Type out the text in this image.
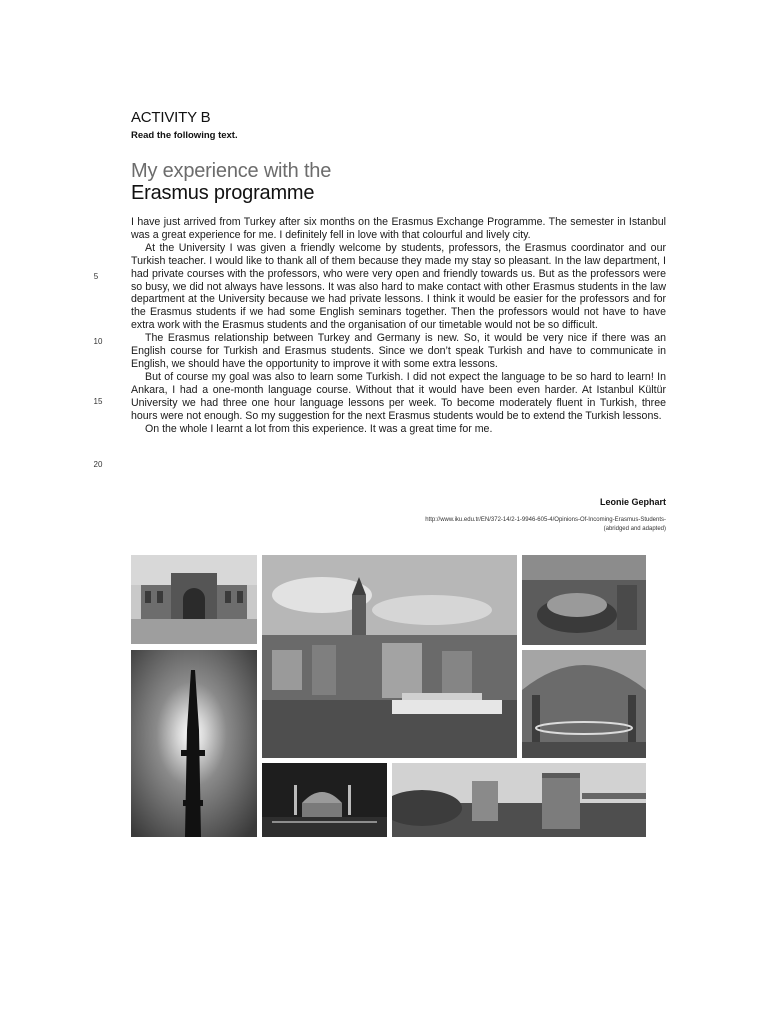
ACTIVITY B
Read the following text.
My experience with the
Erasmus programme

I have just arrived from Turkey after six months on the Erasmus Exchange Programme. The semester in Istanbul was a great experience for me. I definitely fell in love with that colourful and lively city.

At the University I was given a friendly welcome by students, professors, the Erasmus coordinator and our Turkish teacher. I would like to thank all of them because they made my stay so pleasant. In the law department, I had private courses with the professors, who were very open and friendly towards us. But as the professors were so busy, we did not always have lessons. It was also hard to make contact with other Erasmus students in the law department at the University because we had private lessons. I think it would be easier for the professors and for the Erasmus students if we had some English seminars together. Then the professors would not have to have extra work with the Erasmus students and the organisation of our timetable would not be so difficult.

The Erasmus relationship between Turkey and Germany is new. So, it would be very nice if there was an English course for Turkish and Erasmus students. Since we don’t speak Turkish and have to communicate in English, we should have the opportunity to improve it with some extra lessons.

But of course my goal was also to learn some Turkish. I did not expect the language to be so hard to learn! In Ankara, I had a one-month language course. Without that it would have been even harder. At Istanbul Kültür University we had three one hour language lessons per week. To become moderately fluent in Turkish, three hours were not enough. So my suggestion for the next Erasmus students would be to extend the Turkish lessons.

On the whole I learnt a lot from this experience. It was a great time for me.

5
10
15
20
Leonie Gephart
http://www.iku.edu.tr/EN/372-14/2-1-9946-605-4/Opinions-Of-Incoming-Erasmus-Students-
(abridged and adapted)
